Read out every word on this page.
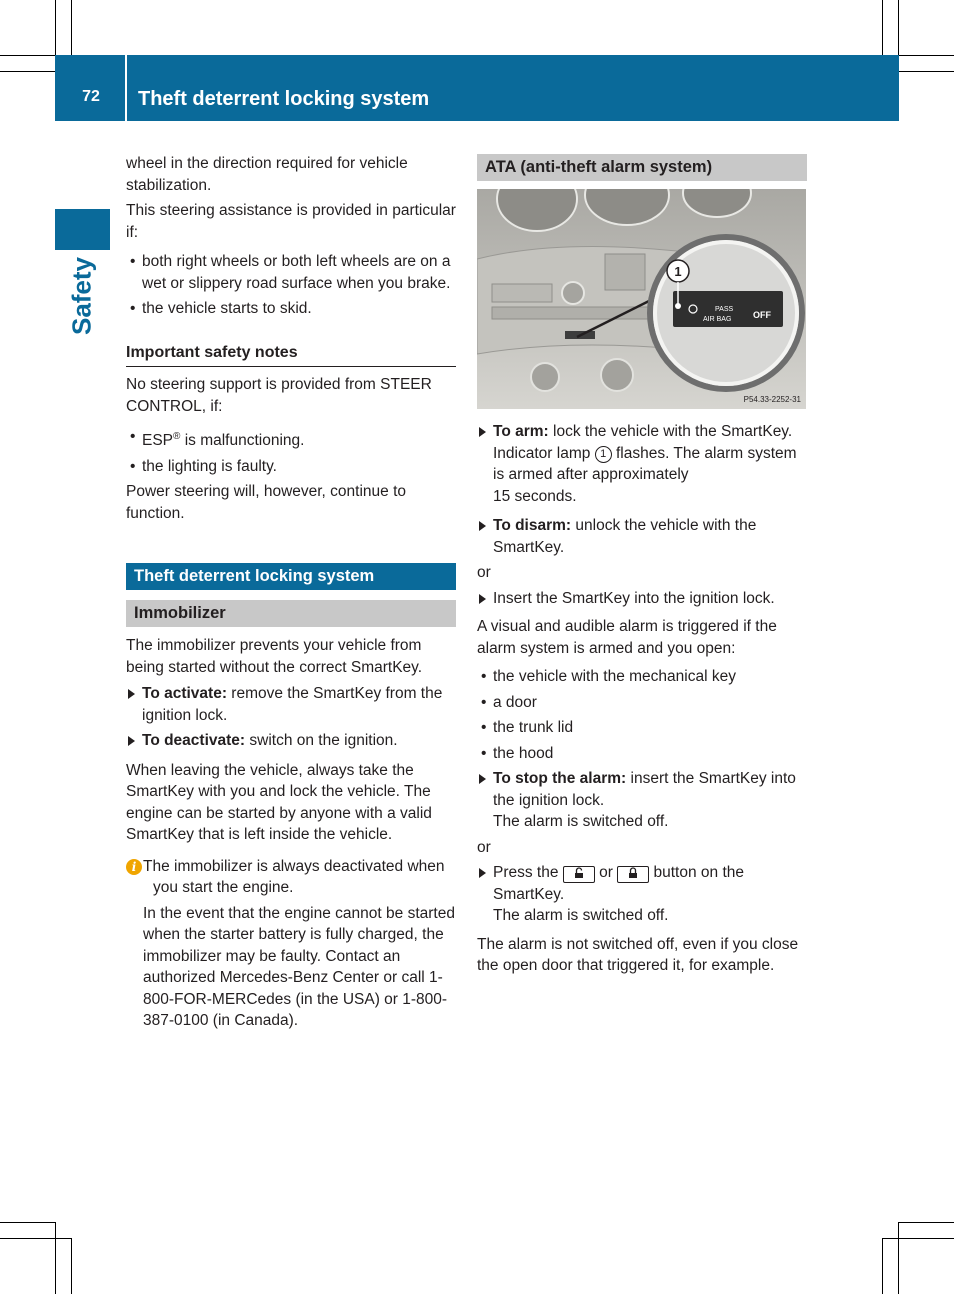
72	Theft deterrent locking system
Safety

wheel in the direction required for vehicle stabilization.

This steering assistance is provided in particular if:

• both right wheels or both left wheels are on a wet or slippery road surface when you brake.

• the vehicle starts to skid.

Important safety notes

No steering support is provided from STEER CONTROL, if:

• ESP® is malfunctioning.

• the lighting is faulty.

Power steering will, however, continue to function.

Theft deterrent locking system
Immobilizer

The immobilizer prevents your vehicle from being started without the correct SmartKey.

To activate: remove the SmartKey from the ignition lock.

To deactivate: switch on the ignition.

When leaving the vehicle, always take the SmartKey with you and lock the vehicle. The engine can be started by anyone with a valid SmartKey that is left inside the vehicle.

i The immobilizer is always deactivated when you start the engine.

In the event that the engine cannot be started when the starter battery is fully charged, the immobilizer may be faulty. Contact an authorized Mercedes-Benz Center or call 1-800-FOR-MERCedes (in the USA) or 1-800-387-0100 (in Canada).

ATA (anti-theft alarm system)
1
PASS
AIR BAG OFF
P54.33-2252-31

To arm: lock the vehicle with the SmartKey.
Indicator lamp 1 flashes. The alarm system is armed after approximately
15 seconds.

To disarm: unlock the vehicle with the SmartKey.

or

Insert the SmartKey into the ignition lock.

A visual and audible alarm is triggered if the alarm system is armed and you open:

• the vehicle with the mechanical key

• a door

• the trunk lid

• the hood

To stop the alarm: insert the SmartKey into the ignition lock.
The alarm is switched off.

or

Press the  or  button on the SmartKey.
The alarm is switched off.

The alarm is not switched off, even if you close the open door that triggered it, for example.
